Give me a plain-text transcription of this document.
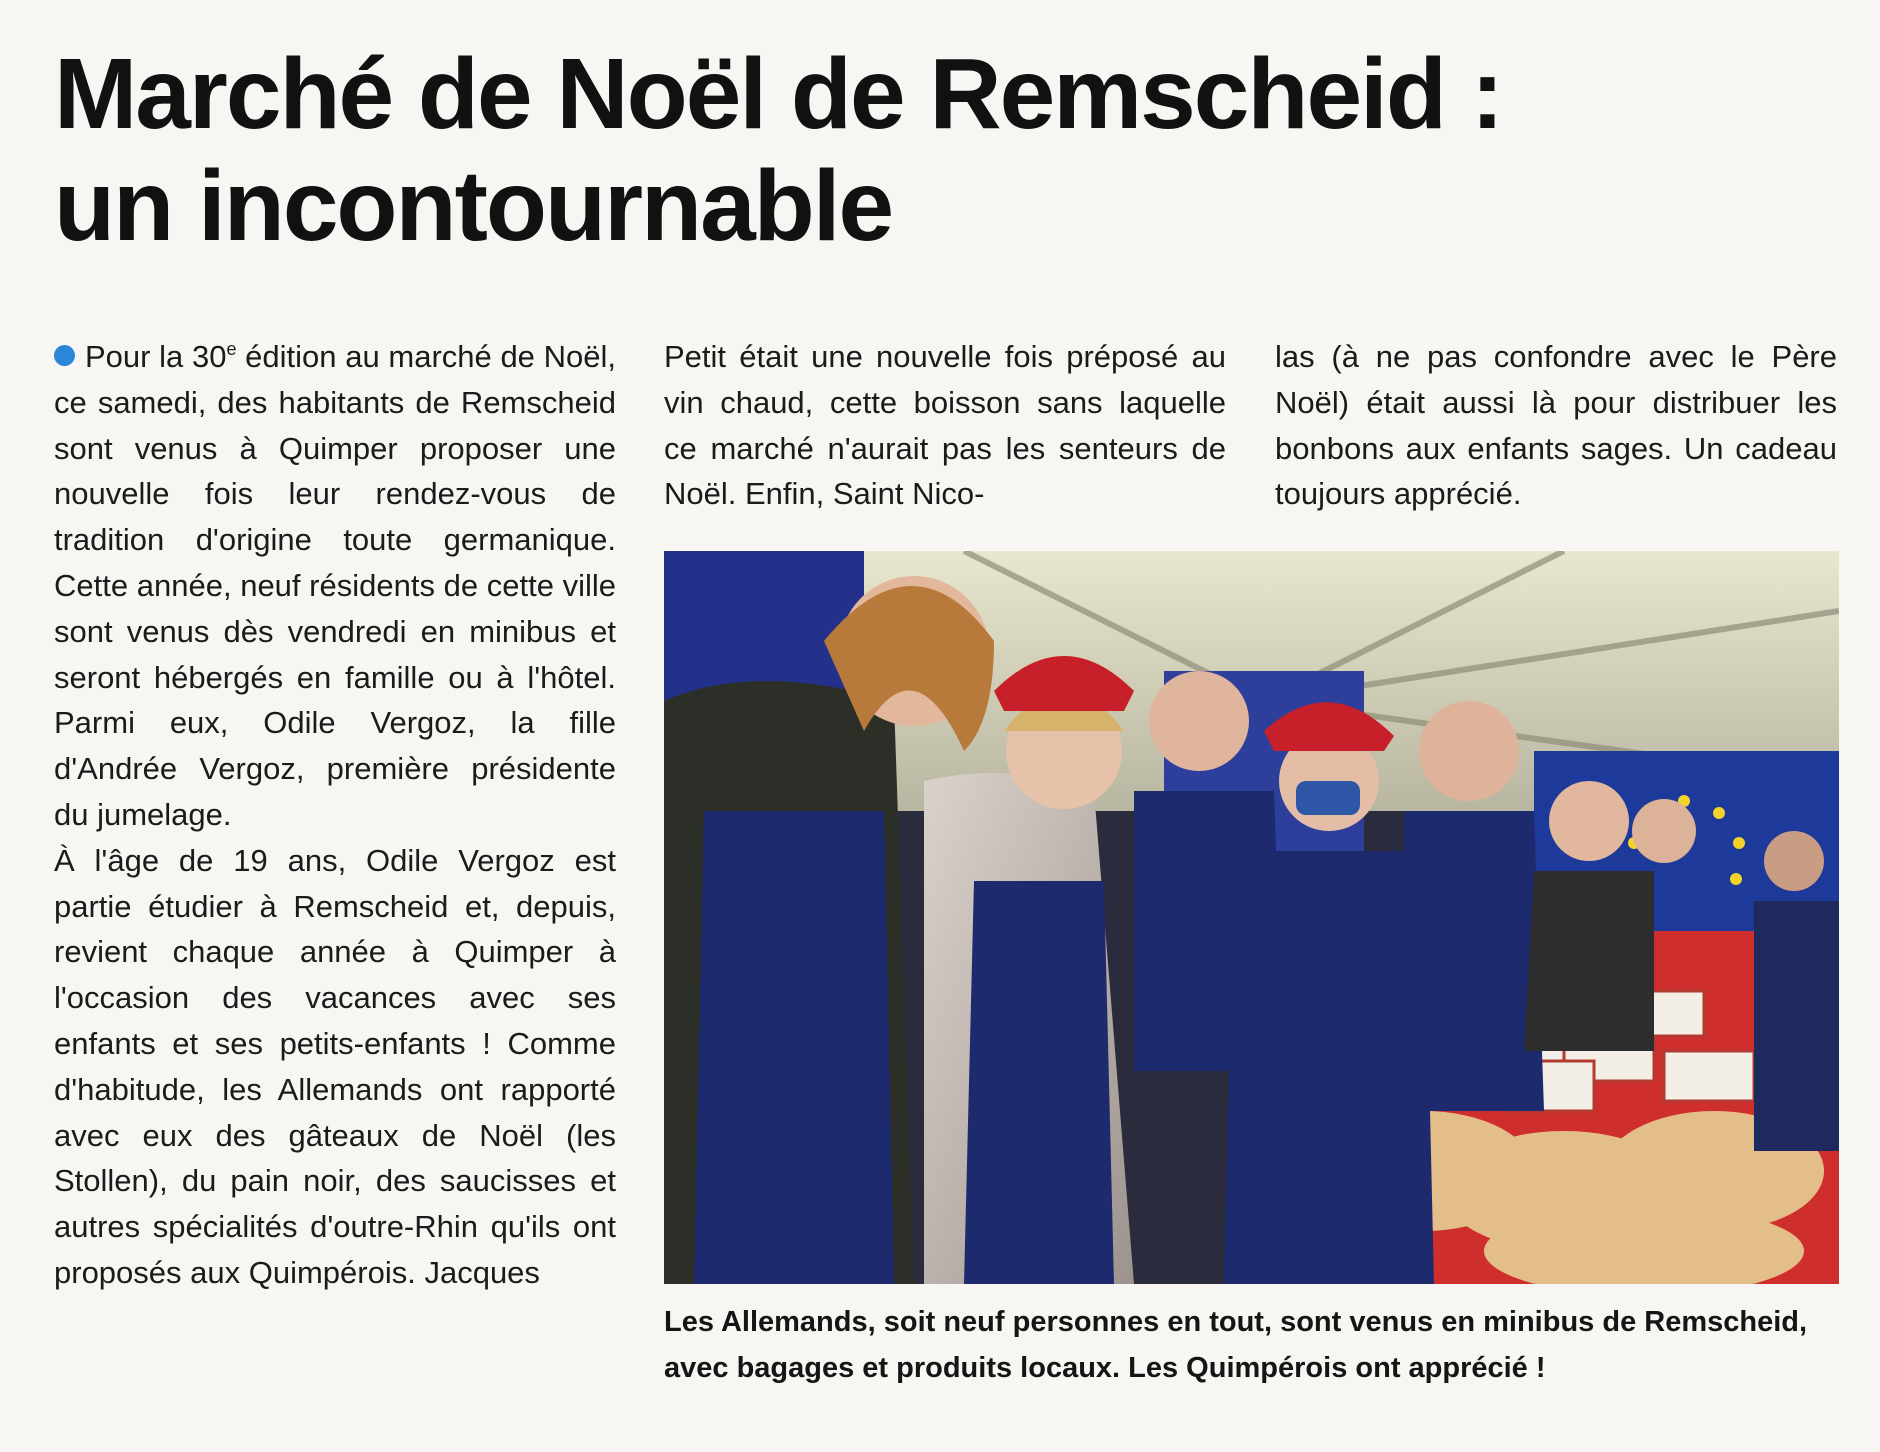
Marché de Noël de Remscheid :
un incontournable

Pour la 30e édition au marché de Noël, ce samedi, des habitants de Remscheid sont venus à Quimper proposer une nouvelle fois leur rendez-vous de tradition d'origine toute germanique. Cette année, neuf résidents de cette ville sont venus dès vendredi en minibus et seront hébergés en famille ou à l'hôtel. Parmi eux, Odile Vergoz, la fille d'Andrée Vergoz, première présidente du jumelage.

À l'âge de 19 ans, Odile Vergoz est partie étudier à Remscheid et, depuis, revient chaque année à Quimper à l'occasion des vacances avec ses enfants et ses petits-enfants ! Comme d'habitude, les Allemands ont rapporté avec eux des gâteaux de Noël (les Stollen), du pain noir, des saucisses et autres spécialités d'outre-Rhin qu'ils ont proposés aux Quimpérois. Jacques

Petit était une nouvelle fois préposé au vin chaud, cette boisson sans laquelle ce marché n'aurait pas les senteurs de Noël. Enfin, Saint Nico-

las (à ne pas confondre avec le Père Noël) était aussi là pour distribuer les bonbons aux enfants sages. Un cadeau toujours apprécié.

Les Allemands, soit neuf personnes en tout, sont venus en minibus de Remscheid, avec bagages et produits locaux. Les Quimpérois ont apprécié !
